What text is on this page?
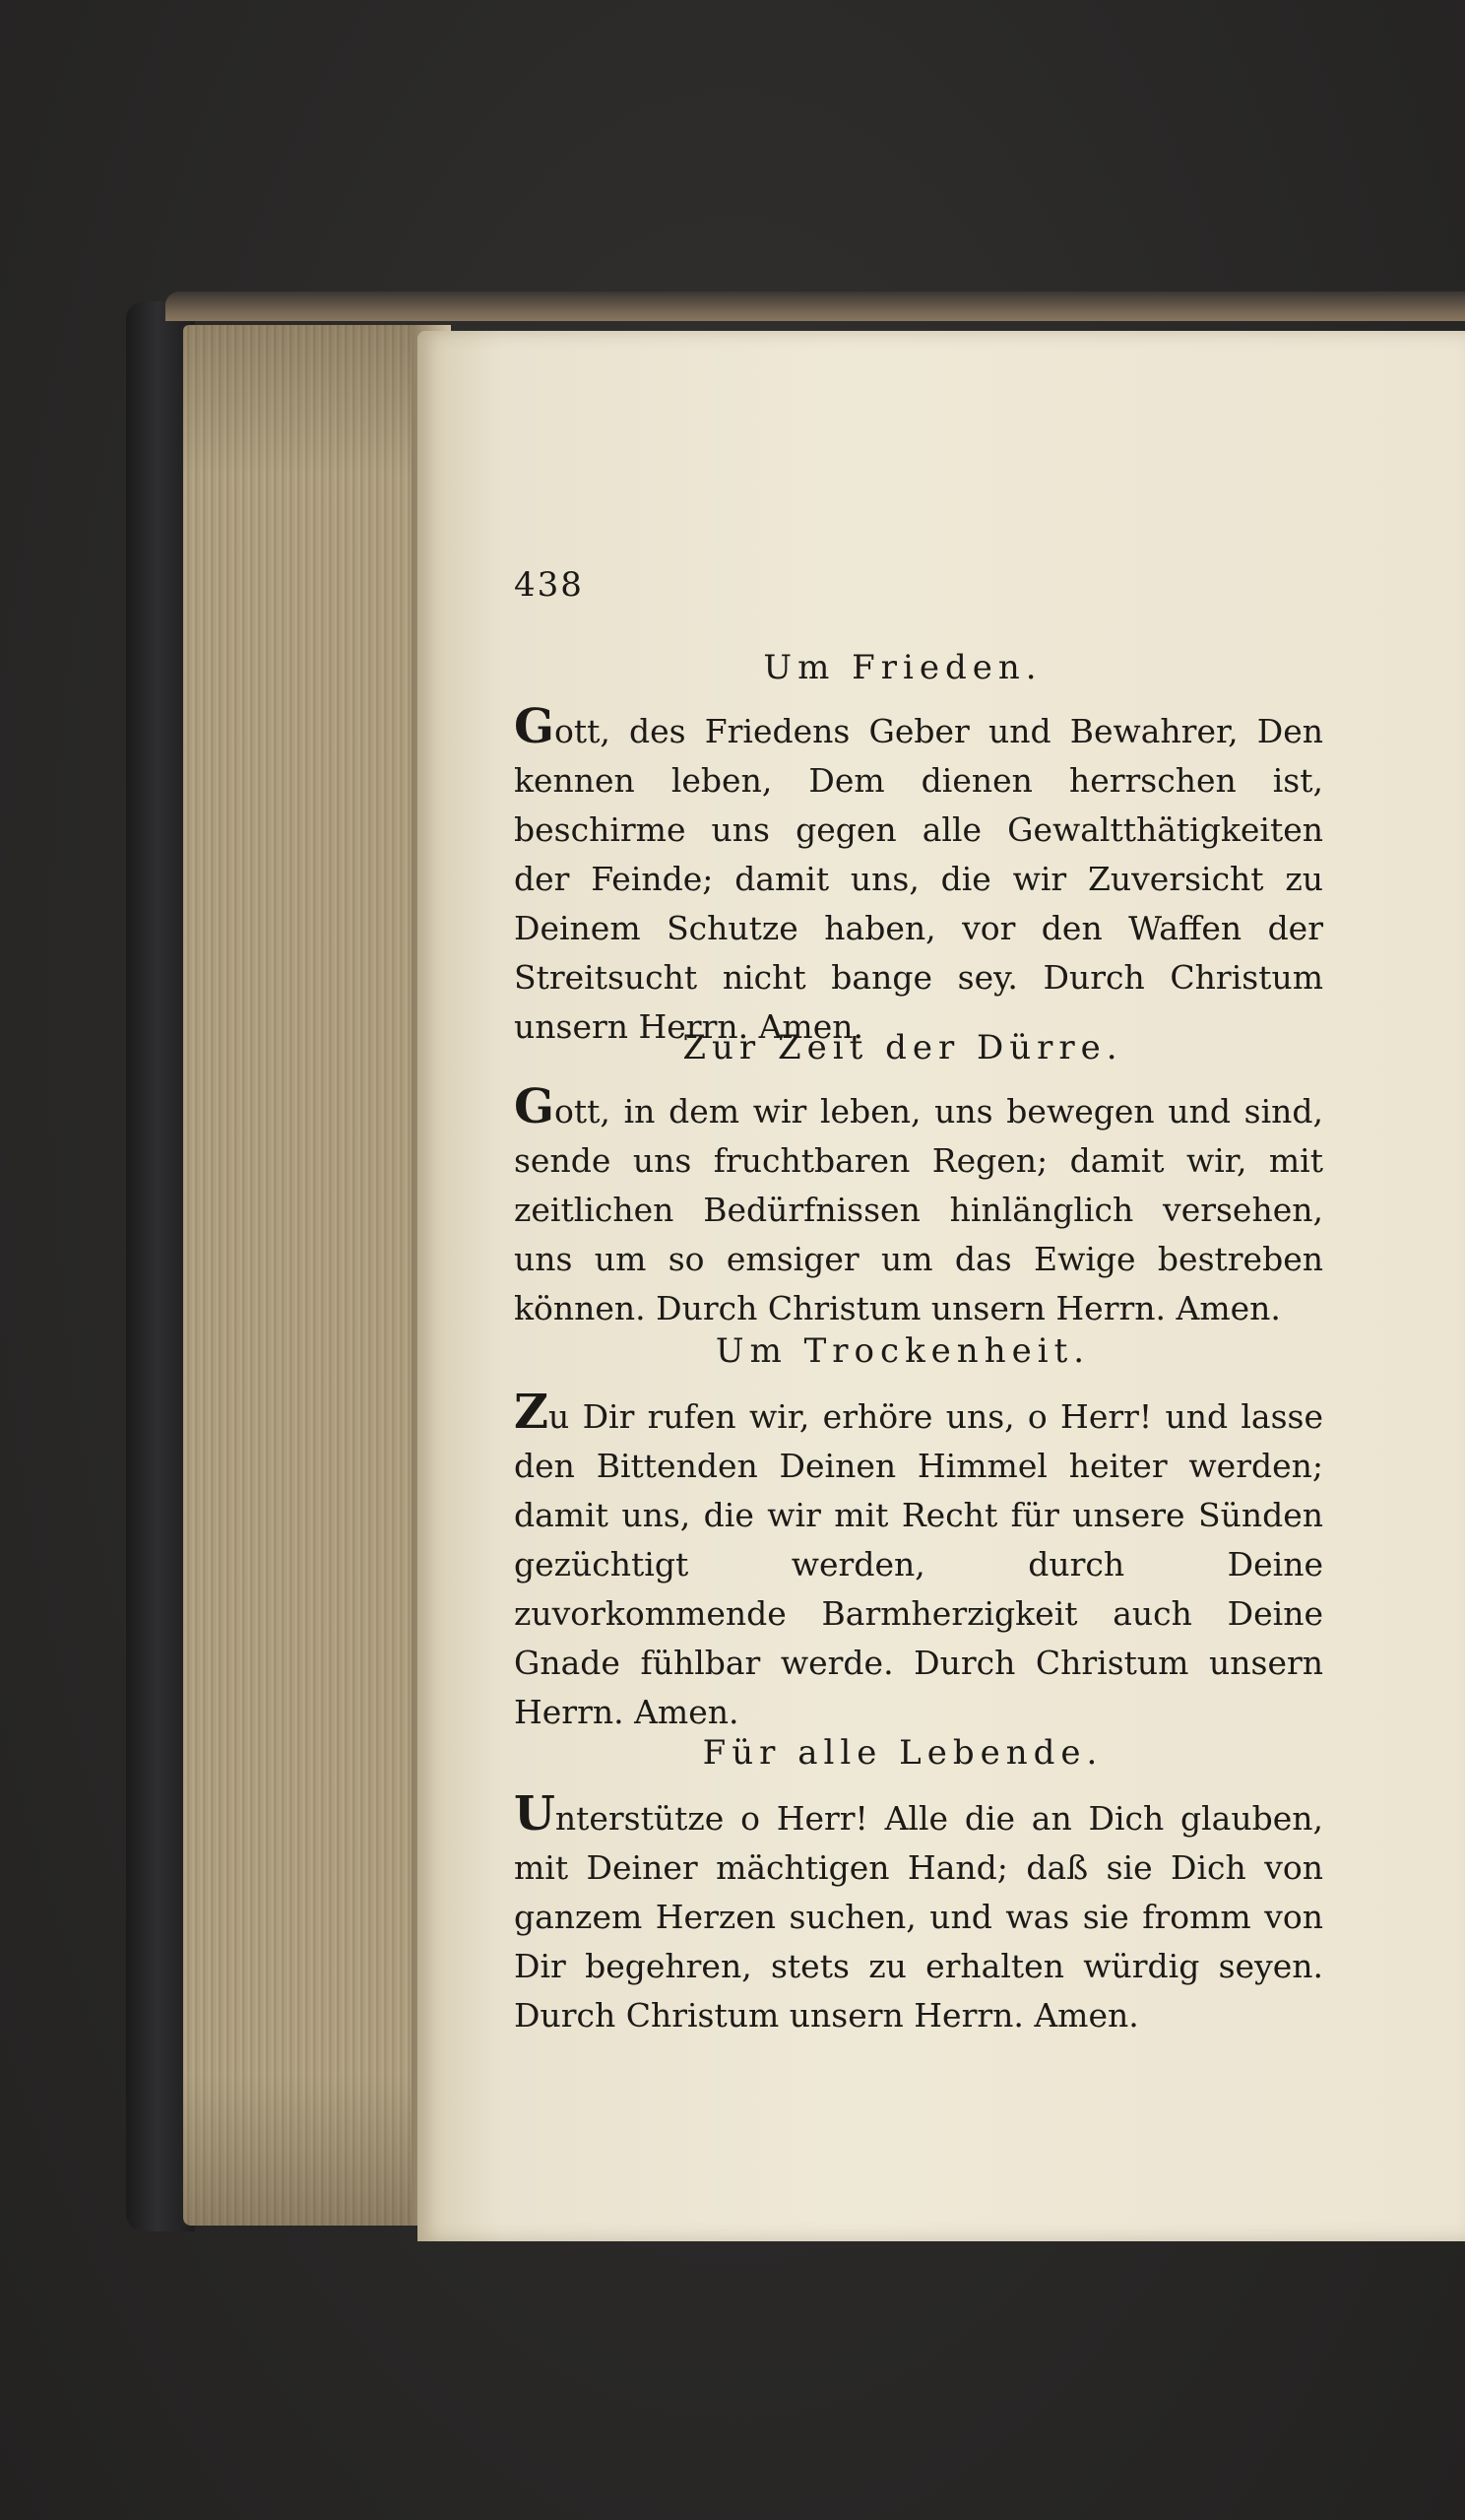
438
Um Frieden.
Gott, des Friedens Geber und Bewahrer, Den kennen leben, Dem dienen herrschen ist, beschirme uns gegen alle Gewaltthätigkeiten der Feinde; damit uns, die wir Zuversicht zu Deinem Schutze haben, vor den Waffen der Streitsucht nicht bange sey. Durch Christum unsern Herrn. Amen.
Zur Zeit der Dürre.
Gott, in dem wir leben, uns bewegen und sind, sende uns fruchtbaren Regen; damit wir, mit zeitlichen Bedürfnissen hinlänglich versehen, uns um so emsiger um das Ewige bestreben können. Durch Christum unsern Herrn. Amen.
Um Trockenheit.
Zu Dir rufen wir, erhöre uns, o Herr! und lasse den Bittenden Deinen Himmel heiter werden; damit uns, die wir mit Recht für unsere Sünden gezüchtigt werden, durch Deine zuvorkommende Barmherzigkeit auch Deine Gnade fühlbar werde. Durch Christum unsern Herrn. Amen.
Für alle Lebende.
Unterstütze o Herr! Alle die an Dich glauben, mit Deiner mächtigen Hand; daß sie Dich von ganzem Herzen suchen, und was sie fromm von Dir begehren, stets zu erhalten würdig seyen. Durch Christum unsern Herrn. Amen.
